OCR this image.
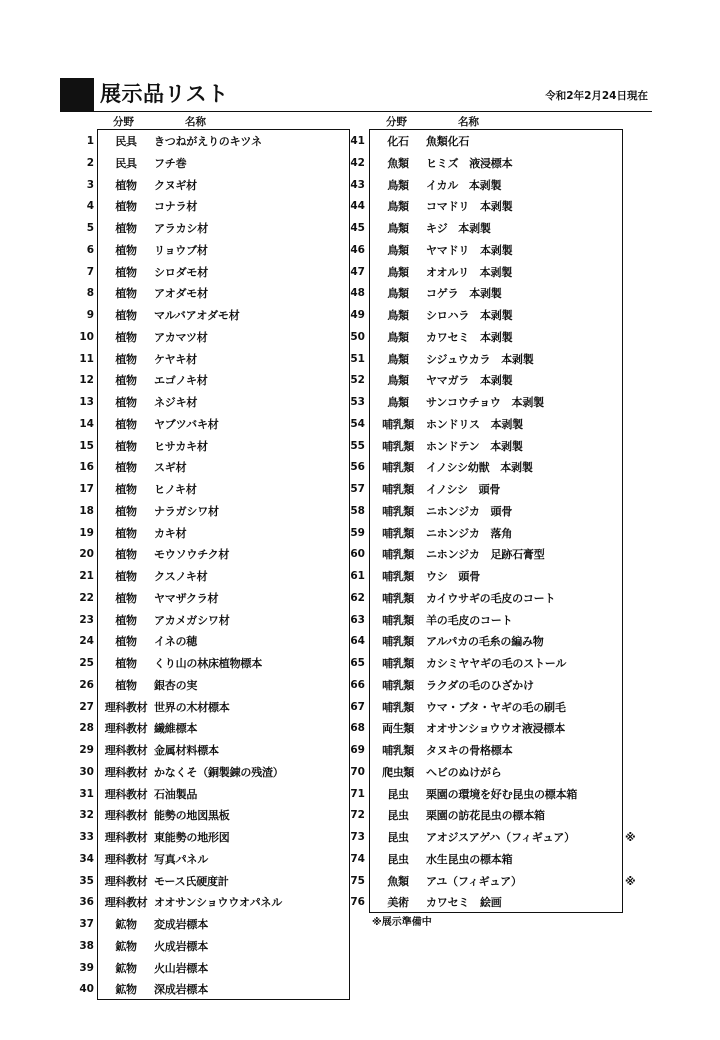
展示品リスト	令和2年2月24日現在
分野	名称	分野	名称
1	民具	きつねがえりのキツネ
2	民具	フチ巻
3	植物	クヌギ材
4	植物	コナラ材
5	植物	アラカシ材
6	植物	リョウブ材
7	植物	シロダモ材
8	植物	アオダモ材
9	植物	マルバアオダモ材
10	植物	アカマツ材
11	植物	ケヤキ材
12	植物	エゴノキ材
13	植物	ネジキ材
14	植物	ヤブツバキ材
15	植物	ヒサカキ材
16	植物	スギ材
17	植物	ヒノキ材
18	植物	ナラガシワ材
19	植物	カキ材
20	植物	モウソウチク材
21	植物	クスノキ材
22	植物	ヤマザクラ材
23	植物	アカメガシワ材
24	植物	イネの穂
25	植物	くり山の林床植物標本
26	植物	銀杏の実
27 理科教材 世界の木材標本
28 理科教材 繊維標本
29 理科教材 金属材料標本
30 理科教材 かなくそ（銅製錬の残渣）
31 理科教材 石油製品
32 理科教材 能勢の地図黒板
33 理科教材 東能勢の地形図
34 理科教材 写真パネル
35 理科教材 モース氏硬度計
36 理科教材 オオサンショウウオパネル
37	鉱物	変成岩標本
38	鉱物	火成岩標本
39	鉱物	火山岩標本
40	鉱物	深成岩標本
41	化石	魚類化石
42	魚類	ヒミズ　液浸標本
43	鳥類	イカル　本剥製
44	鳥類	コマドリ　本剥製
45	鳥類	キジ　本剥製
46	鳥類	ヤマドリ　本剥製
47	鳥類	オオルリ　本剥製
48	鳥類	コゲラ　本剥製
49	鳥類	シロハラ　本剥製
50	鳥類	カワセミ　本剥製
51	鳥類	シジュウカラ　本剥製
52	鳥類	ヤマガラ　本剥製
53	鳥類	サンコウチョウ　本剥製
54	哺乳類	ホンドリス　本剥製
55	哺乳類	ホンドテン　本剥製
56	哺乳類	イノシシ幼獣　本剥製
57	哺乳類	イノシシ　頭骨
58	哺乳類	ニホンジカ　頭骨
59	哺乳類	ニホンジカ　落角
60	哺乳類	ニホンジカ　足跡石膏型
61	哺乳類	ウシ　頭骨
62	哺乳類	カイウサギの毛皮のコート
63	哺乳類	羊の毛皮のコート
64	哺乳類	アルパカの毛糸の編み物
65	哺乳類	カシミヤヤギの毛のストール
66	哺乳類	ラクダの毛のひざかけ
67	哺乳類	ウマ・ブタ・ヤギの毛の刷毛
68	両生類	オオサンショウウオ液浸標本
69	哺乳類	タヌキの骨格標本
70	爬虫類	ヘビのぬけがら
71	昆虫	栗園の環境を好む昆虫の標本箱
72	昆虫	栗園の訪花昆虫の標本箱
73	昆虫	アオジスアゲハ（フィギュア）	※
74	昆虫	水生昆虫の標本箱
75	魚類	アユ（フィギュア）	※
76	美術	カワセミ　絵画
※展示準備中
